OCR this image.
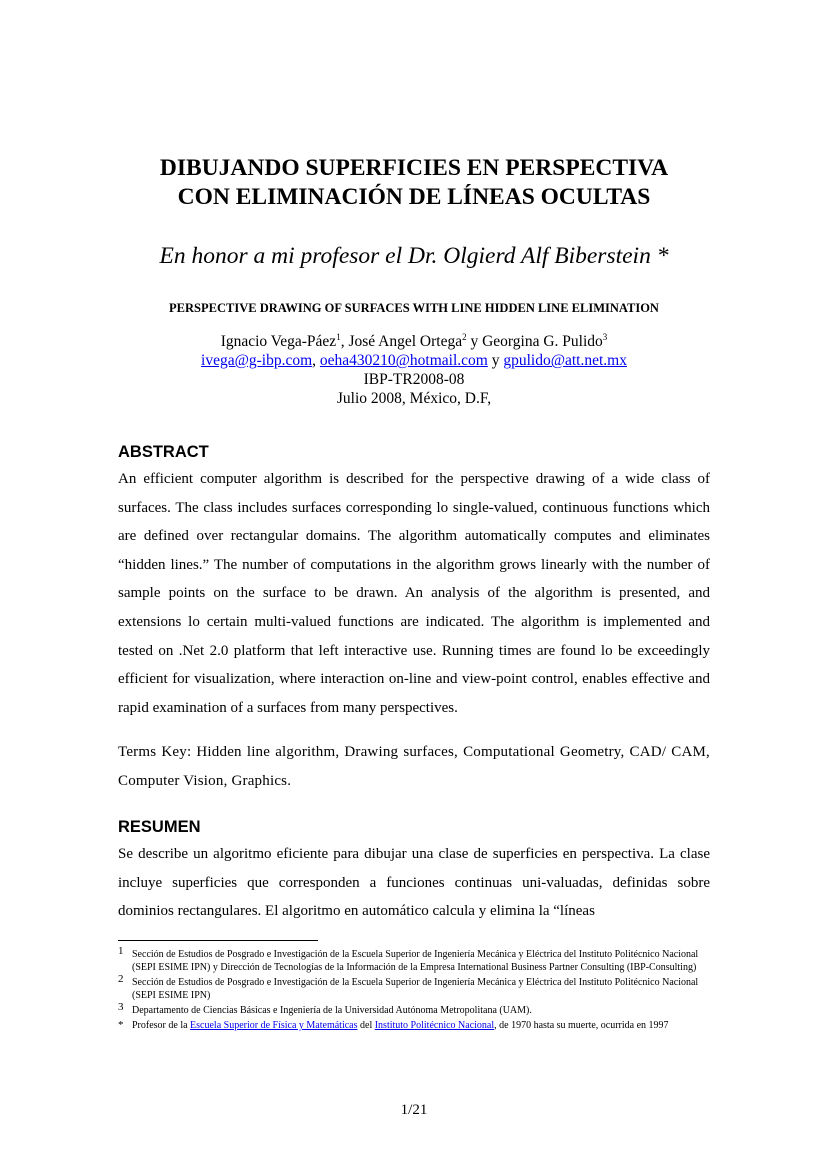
DIBUJANDO SUPERFICIES EN PERSPECTIVA
CON ELIMINACIÓN DE LÍNEAS OCULTAS

En honor a mi profesor el Dr. Olgierd Alf Biberstein *

PERSPECTIVE DRAWING OF SURFACES WITH LINE HIDDEN LINE ELIMINATION

Ignacio Vega-Páez$^1$, José Angel Ortega$^2$ y Georgina G. Pulido$^3$
ivega@g-ibp.com, oeha430210@hotmail.com y gpulido@att.net.mx
IBP-TR2008-08
Julio 2008, México, D.F,
ABSTRACT

An efficient computer algorithm is described for the perspective drawing of a wide class of surfaces. The class includes surfaces corresponding lo single-valued, continuous functions which are defined over rectangular domains. The algorithm automatically computes and eliminates “hidden lines.” The number of computations in the algorithm grows linearly with the number of sample points on the surface to be drawn. An analysis of the algorithm is presented, and extensions lo certain multi-valued functions are indicated. The algorithm is implemented and tested on .Net 2.0 platform that left interactive use. Running times are found lo be exceedingly efficient for visualization, where interaction on-line and view-point control, enables effective and rapid examination of a surfaces from many perspectives.

Terms Key: Hidden line algorithm, Drawing surfaces, Computational Geometry, CAD/ CAM, Computer Vision, Graphics.

RESUMEN

Se describe un algoritmo eficiente para dibujar una clase de superficies en perspectiva. La clase incluye superficies que corresponden a funciones continuas uni-valuadas, definidas sobre dominios rectangulares. El algoritmo en automático calcula y elimina la “líneas

1 Sección de Estudios de Posgrado e Investigación de la Escuela Superior de Ingeniería Mecánica y Eléctrica del Instituto Politécnico Nacional (SEPI ESIME IPN) y Dirección de Tecnologías de la Información de la Empresa International Business Partner Consulting (IBP-Consulting)

2 Sección de Estudios de Posgrado e Investigación de la Escuela Superior de Ingeniería Mecánica y Eléctrica del Instituto Politécnico Nacional (SEPI ESIME IPN)

3 Departamento de Ciencias Básicas e Ingeniería de la Universidad Autónoma Metropolitana (UAM).

* Profesor de la Escuela Superior de Física y Matemáticas del Instituto Politécnico Nacional, de 1970 hasta su muerte, ocurrida en 1997

1/21
